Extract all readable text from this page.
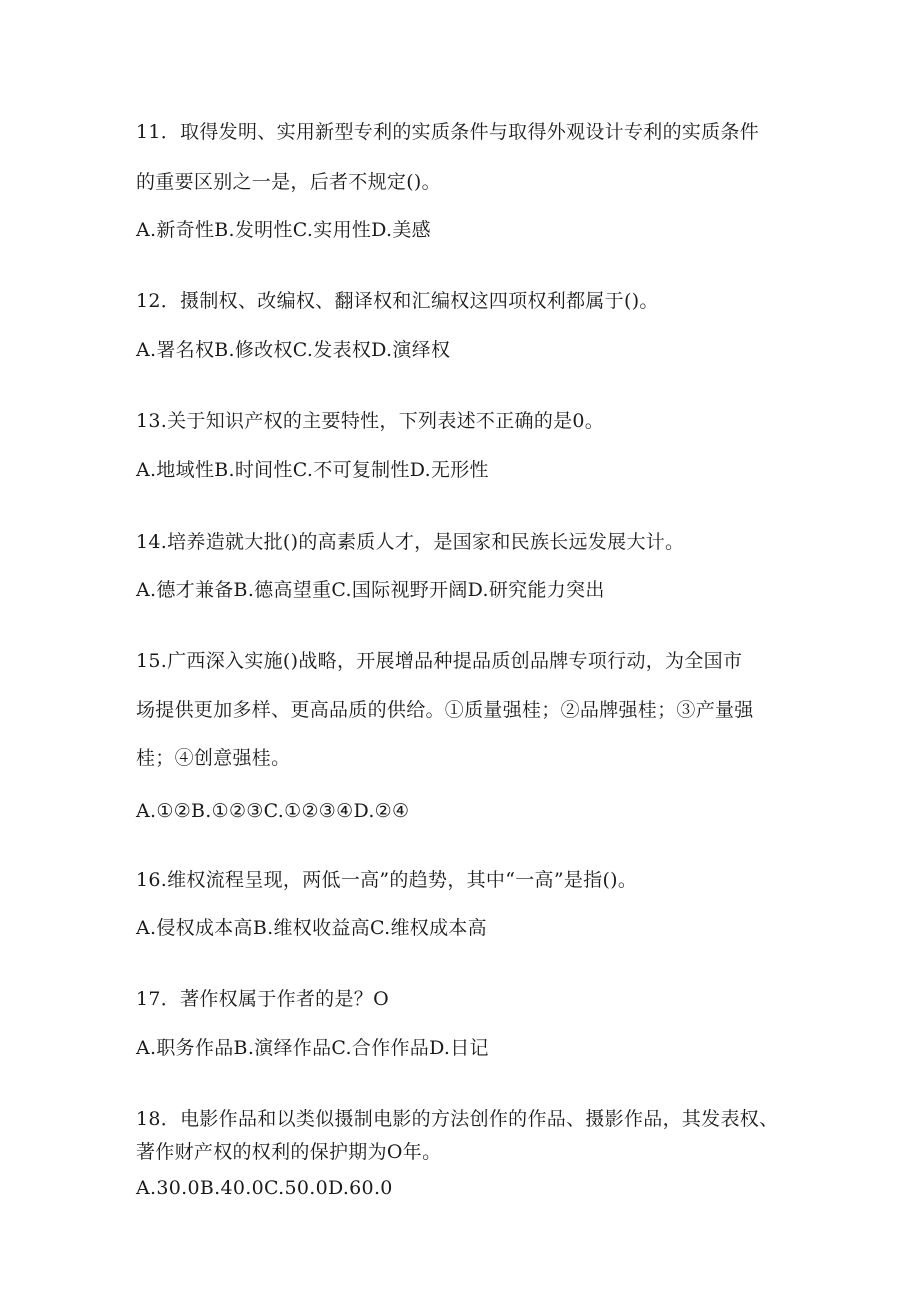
11．取得发明、实用新型专利的实质条件与取得外观设计专利的实质条件
的重要区别之一是，后者不规定()。
A.新奇性B.发明性C.实用性D.美感
12．摄制权、改编权、翻译权和汇编权这四项权利都属于()。
A.署名权B.修改权C.发表权D.演绎权
13.关于知识产权的主要特性，下列表述不正确的是0。
A.地域性B.时间性C.不可复制性D.无形性
14.培养造就大批()的高素质人才，是国家和民族长远发展大计。
A.德才兼备B.德高望重C.国际视野开阔D.研究能力突出
15.广西深入实施()战略，开展增品种提品质创品牌专项行动，为全国市
场提供更加多样、更高品质的供给。①质量强桂；②品牌强桂；③产量强
桂；④创意强桂。
A.①②B.①②③C.①②③④D.②④
16.维权流程呈现，两低一高”的趋势，其中“一高”是指()。
A.侵权成本高B.维权收益高C.维权成本高
17．著作权属于作者的是？O
A.职务作品B.演绎作品C.合作作品D.日记
18．电影作品和以类似摄制电影的方法创作的作品、摄影作品，其发表权、
著作财产权的权利的保护期为O年。
A.30.0B.40.0C.50.0D.60.0
